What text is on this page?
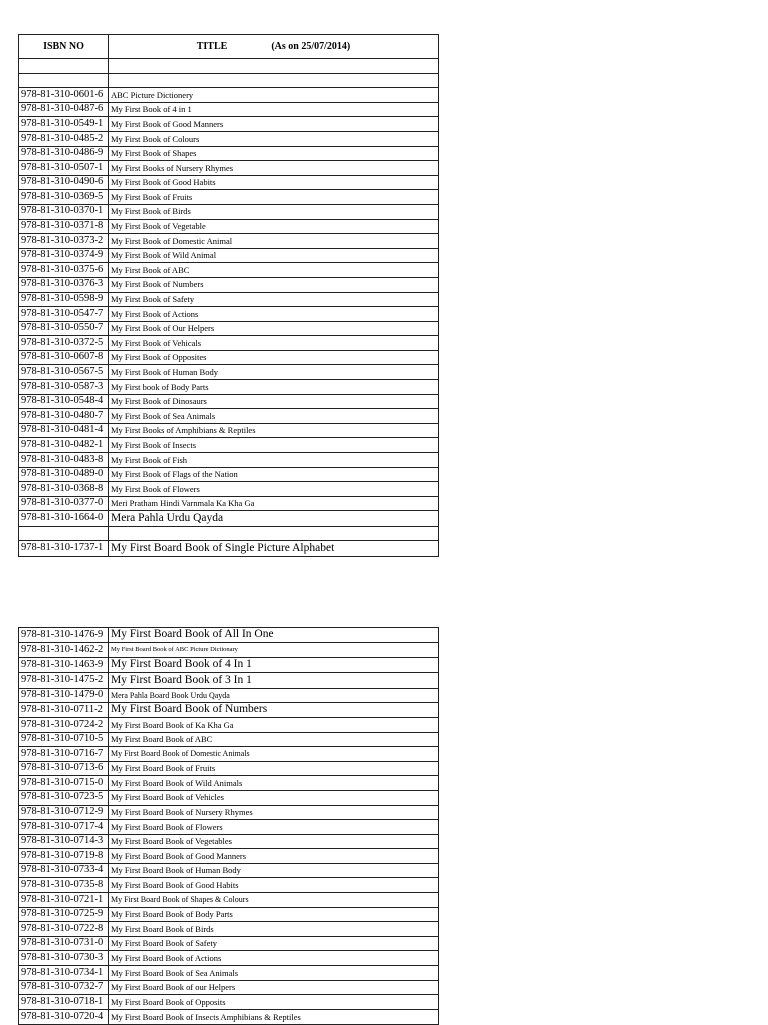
ISBN NO	TITLE (As on 25/07/2014)

978-81-310-0601-6	ABC Picture Dictionery
978-81-310-0487-6	My First Book of 4 in 1
978-81-310-0549-1	My First Book of Good Manners
978-81-310-0485-2	My First Book of Colours
978-81-310-0486-9	My First Book of Shapes
978-81-310-0507-1	My First Books of Nursery Rhymes
978-81-310-0490-6	My First Book of Good Habits
978-81-310-0369-5	My First Book of Fruits
978-81-310-0370-1	My First Book of Birds
978-81-310-0371-8	My First Book of Vegetable
978-81-310-0373-2	My First Book of Domestic Animal
978-81-310-0374-9	My First Book of Wild Animal
978-81-310-0375-6	My First Book of ABC
978-81-310-0376-3	My First Book of Numbers
978-81-310-0598-9	My First Book of Safety
978-81-310-0547-7	My First Book of Actions
978-81-310-0550-7	My First Book of Our Helpers
978-81-310-0372-5	My First Book of Vehicals
978-81-310-0607-8	My First Book of Opposites
978-81-310-0567-5	My First Book of Human Body
978-81-310-0587-3	My First book of Body Parts
978-81-310-0548-4	My First Book of Dinosaurs
978-81-310-0480-7	My First Book of Sea Animals
978-81-310-0481-4	My First Books of Amphibians & Reptiles
978-81-310-0482-1	My First Book of Insects
978-81-310-0483-8	My First Book of Fish
978-81-310-0489-0	My First Book of Flags of the Nation
978-81-310-0368-8	My First Book of Flowers
978-81-310-0377-0	Meri Pratham Hindi Varnmala Ka Kha Ga
978-81-310-1664-0	Mera Pahla Urdu Qayda

978-81-310-1737-1	My First Board Book of Single Picture Alphabet
978-81-310-1476-9	My First Board Book of All In One
978-81-310-1462-2	My First Board Book of ABC Picture Dictionary
978-81-310-1463-9	My First Board Book of 4 In 1
978-81-310-1475-2	My First Board Book of 3 In 1
978-81-310-1479-0	Mera Pahla Board Book Urdu Qayda
978-81-310-0711-2	My First Board Book of Numbers
978-81-310-0724-2	My First Board Book of Ka Kha Ga
978-81-310-0710-5	My First Board Book of ABC
978-81-310-0716-7	My First Board Book of Domestic Animals
978-81-310-0713-6	My First Board Book of Fruits
978-81-310-0715-0	My First Board Book of Wild Animals
978-81-310-0723-5	My First Board Book of Vehicles
978-81-310-0712-9	My First Board Book of Nursery Rhymes
978-81-310-0717-4	My First Board Book of Flowers
978-81-310-0714-3	My First Board Book of Vegetables
978-81-310-0719-8	My First Board Book of Good Manners
978-81-310-0733-4	My First Board Book of Human Body
978-81-310-0735-8	My First Board Book of Good Habits
978-81-310-0721-1	My First Board Book of Shapes & Colours
978-81-310-0725-9	My First Board Book of Body Parts
978-81-310-0722-8	My First Board Book of Birds
978-81-310-0731-0	My First Board Book of Safety
978-81-310-0730-3	My First Board Book of Actions
978-81-310-0734-1	My First Board Book of Sea Animals
978-81-310-0732-7	My First Board Book of our Helpers
978-81-310-0718-1	My First Board Book of Opposits
978-81-310-0720-4	My First Board Book of Insects Amphibians & Reptiles
